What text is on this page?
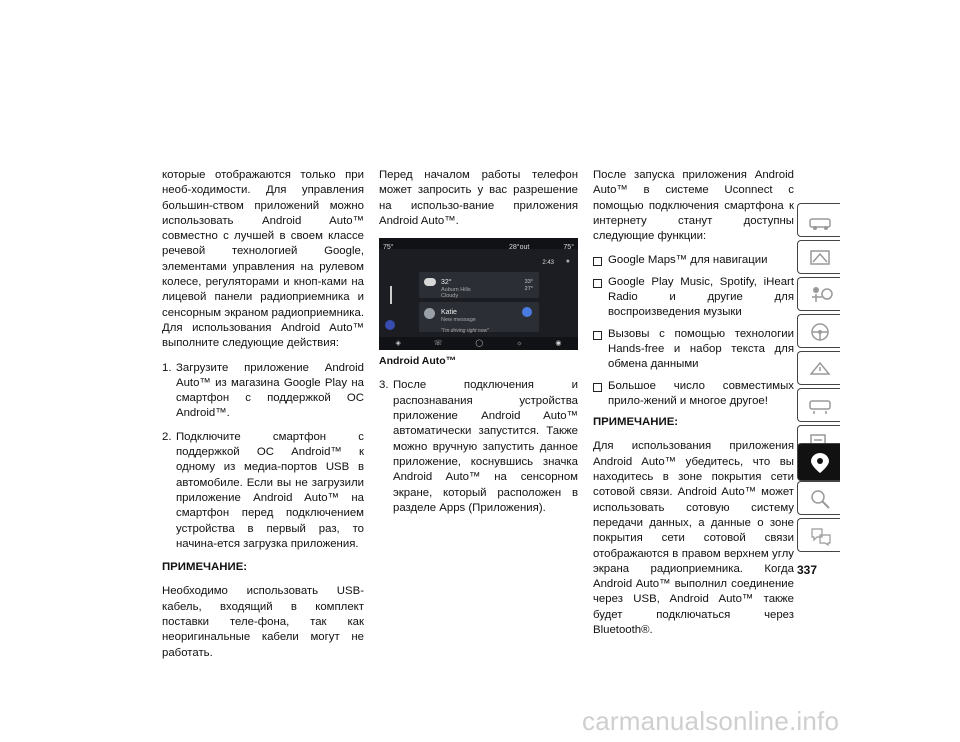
которые отображаются только при необ-ходимости. Для управления большин-ством приложений можно использовать Android Auto™ совместно с лучшей в своем классе речевой технологией Google, элементами управления на рулевом колесе, регуляторами и кноп-ками на лицевой панели радиоприемника и сенсорным экраном радиоприемника. Для использования Android Auto™ выполните следующие действия:

1. Загрузите приложение Android Auto™ из магазина Google Play на смартфон с поддержкой ОС Android™.
2. Подключите смартфон с поддержкой ОС Android™ к одному из медиа-портов USB в автомобиле. Если вы не загрузили приложение Android Auto™ на смартфон перед подключением устройства в первый раз, то начина-ется загрузка приложения.

ПРИМЕЧАНИЕ:

Необходимо использовать USB-кабель, входящий в комплект поставки теле-фона, так как неоригинальные кабели могут не работать.

Перед началом работы телефон может запросить у вас разрешение на использо-вание приложения Android Auto™.

75°	28°out	75°
2:43 ●
32°
Auburn Hills
Cloudy
33°
27°
Katie
New message
"I'm driving right now"
◈	☏	◯	☼	◉

Android Auto™

3. После подключения и распознавания устройства приложение Android Auto™ автоматически запустится. Также можно вручную запустить данное приложение, коснувшись значка Android Auto™ на сенсорном экране, который расположен в разделе Apps (Приложения).

После запуска приложения Android Auto™ в системе Uconnect с помощью подключения смартфона к интернету станут доступны следующие функции:

Google Maps™ для навигации
Google Play Music, Spotify, iHeart Radio и другие для воспроизведения музыки
Вызовы с помощью технологии Hands-free и набор текста для обмена данными
Большое число совместимых прило-жений и многое другое!

ПРИМЕЧАНИЕ:

Для использования приложения Android Auto™ убедитесь, что вы находитесь в зоне покрытия сети сотовой связи. Android Auto™ может использовать сотовую систему передачи данных, а данные о зоне покрытия сети сотовой связи отображаются в правом верхнем углу экрана радиоприемника. Когда Android Auto™ выполнил соединение через USB, Android Auto™ также будет подключаться через Bluetooth®.

337
carmanualsonline.info
